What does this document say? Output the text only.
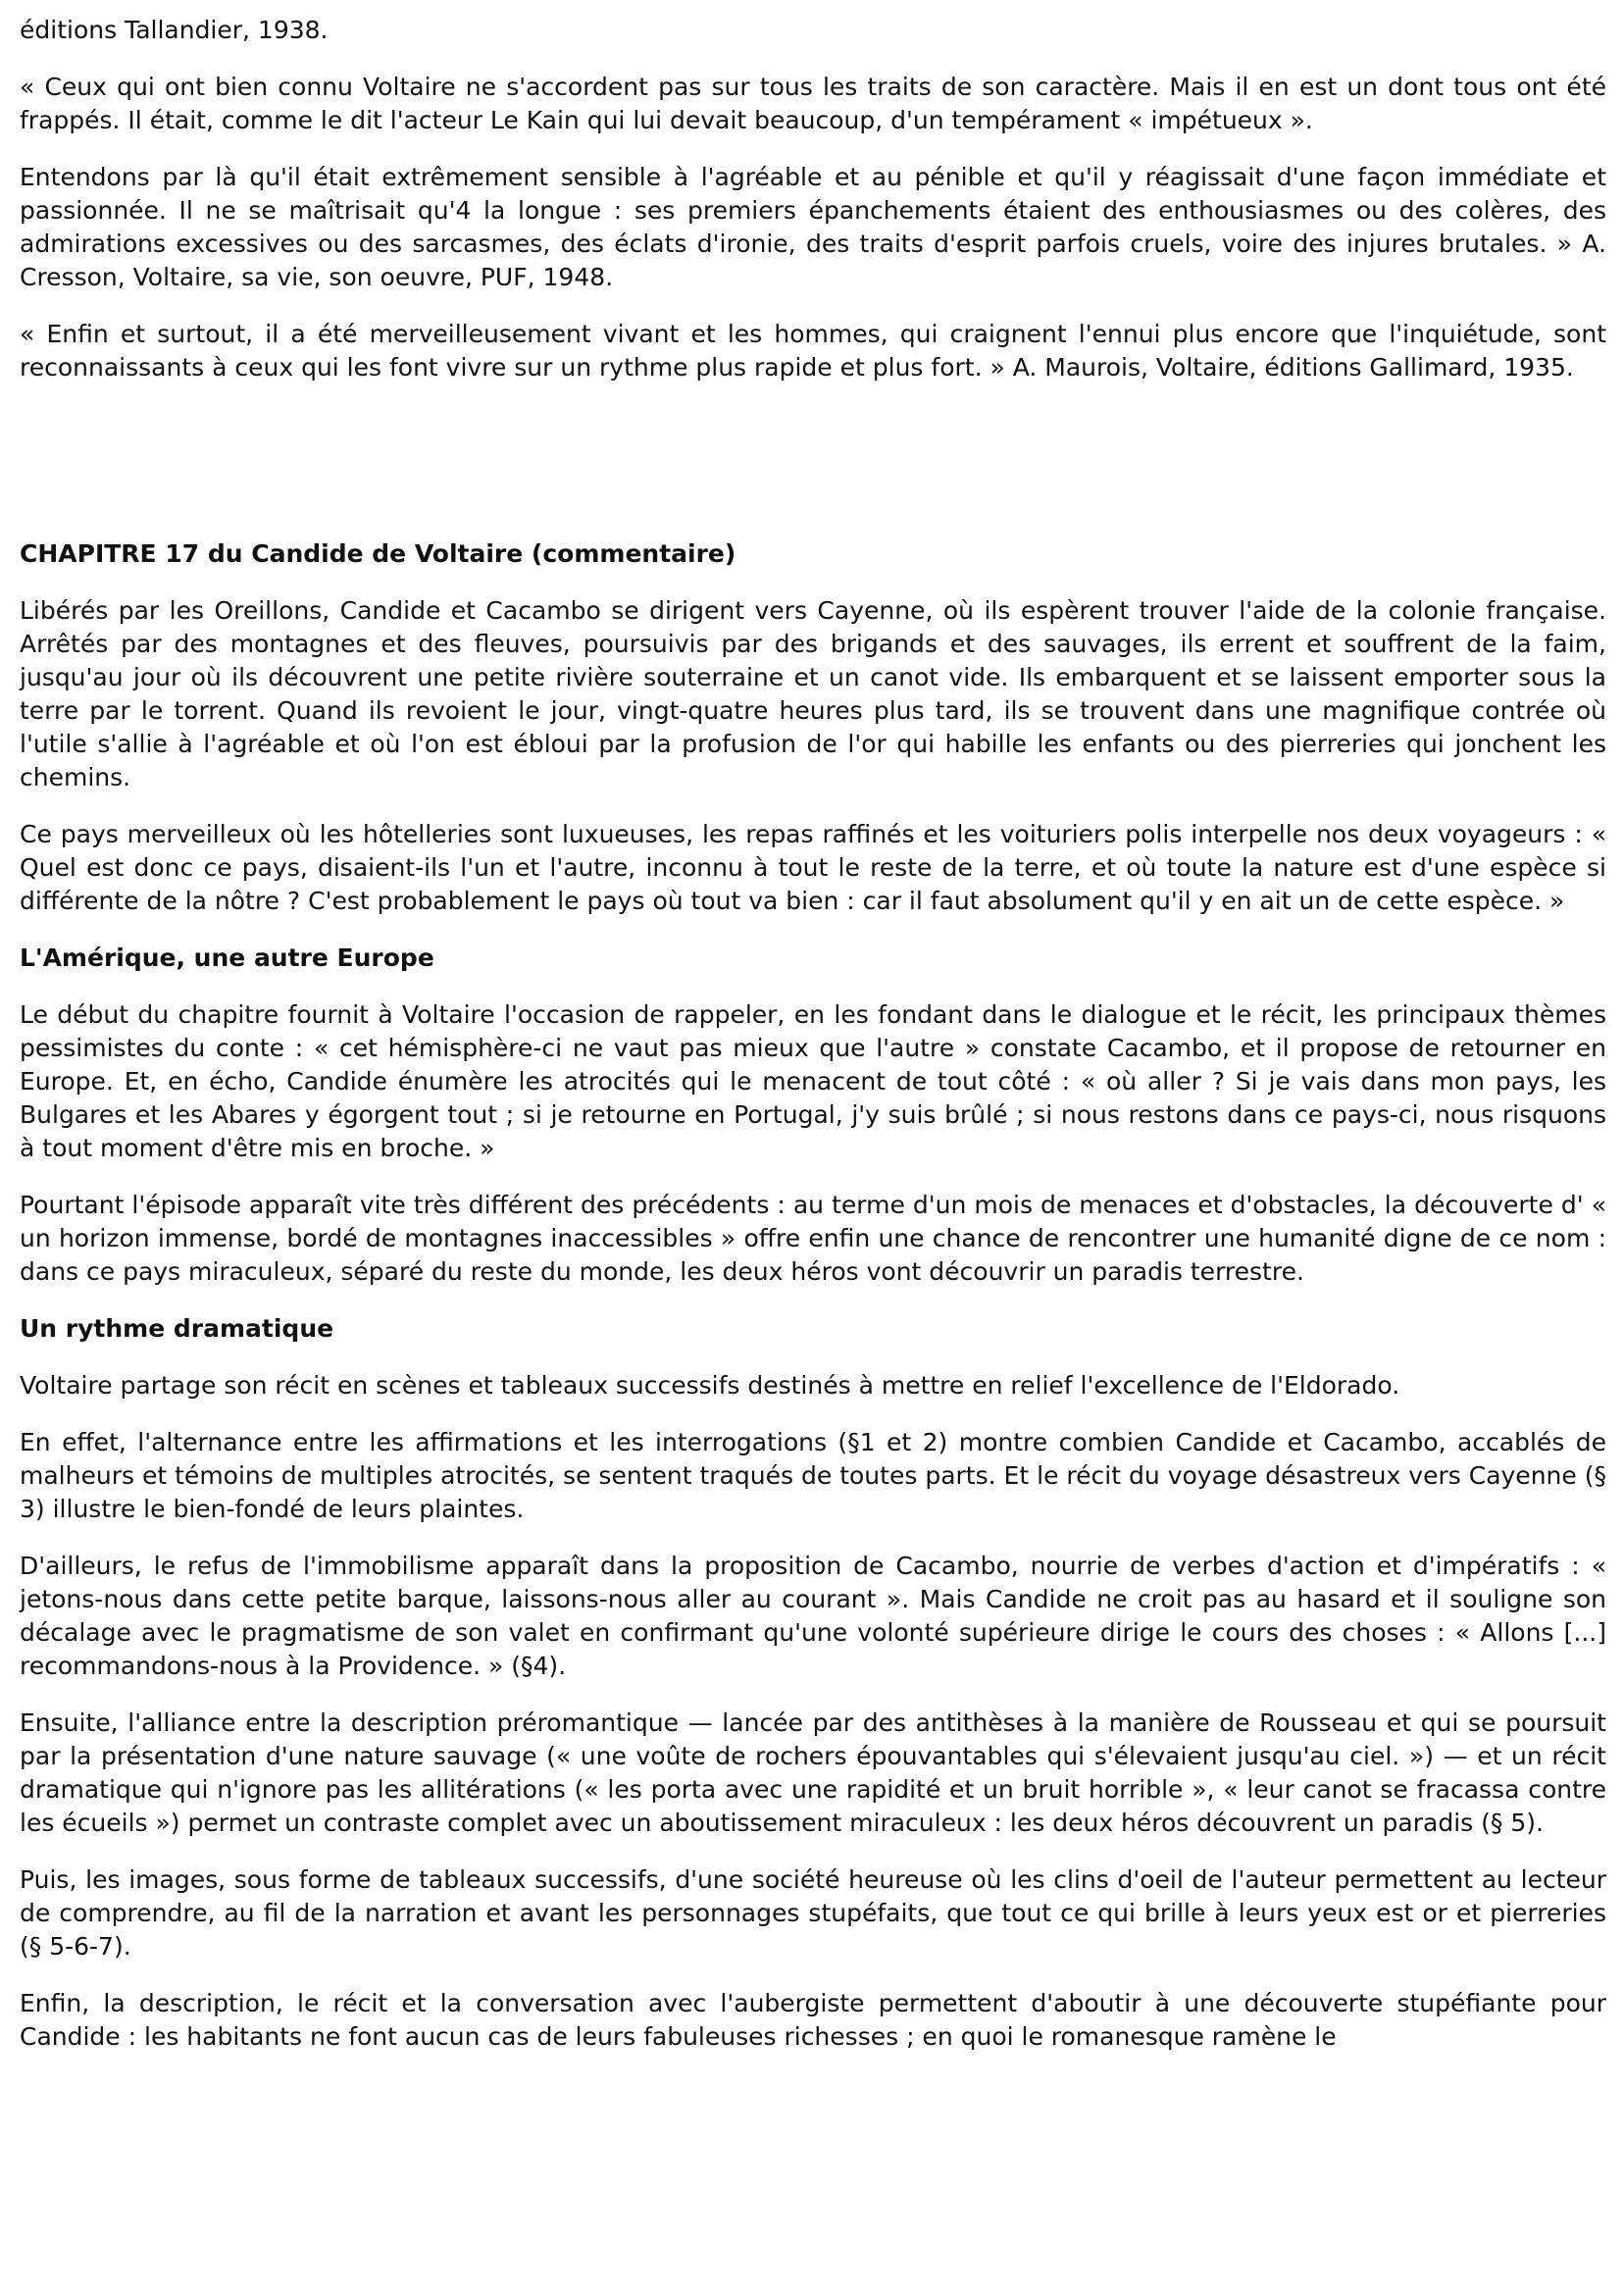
éditions Tallandier, 1938.

« Ceux qui ont bien connu Voltaire ne s'accordent pas sur tous les traits de son caractère. Mais il en est un dont tous ont été frappés. Il était, comme le dit l'acteur Le Kain qui lui devait beaucoup, d'un tempérament « impétueux ».

Entendons par là qu'il était extrêmement sensible à l'agréable et au pénible et qu'il y réagissait d'une façon immédiate et passionnée. Il ne se maîtrisait qu'4 la longue : ses premiers épanchements étaient des enthousiasmes ou des colères, des admirations excessives ou des sarcasmes, des éclats d'ironie, des traits d'esprit parfois cruels, voire des injures brutales. » A. Cresson, Voltaire, sa vie, son oeuvre, PUF, 1948.

« Enfin et surtout, il a été merveilleusement vivant et les hommes, qui craignent l'ennui plus encore que l'inquiétude, sont reconnaissants à ceux qui les font vivre sur un rythme plus rapide et plus fort. » A. Maurois, Voltaire, éditions Gallimard, 1935.

CHAPITRE 17 du Candide de Voltaire (commentaire)

Libérés par les Oreillons, Candide et Cacambo se dirigent vers Cayenne, où ils espèrent trouver l'aide de la colonie française. Arrêtés par des montagnes et des fleuves, poursuivis par des brigands et des sauvages, ils errent et souffrent de la faim, jusqu'au jour où ils découvrent une petite rivière souterraine et un canot vide. Ils embarquent et se laissent emporter sous la terre par le torrent. Quand ils revoient le jour, vingt-quatre heures plus tard, ils se trouvent dans une magnifique contrée où l'utile s'allie à l'agréable et où l'on est ébloui par la profusion de l'or qui habille les enfants ou des pierreries qui jonchent les chemins.

Ce pays merveilleux où les hôtelleries sont luxueuses, les repas raffinés et les voituriers polis interpelle nos deux voyageurs : « Quel est donc ce pays, disaient-ils l'un et l'autre, inconnu à tout le reste de la terre, et où toute la nature est d'une espèce si différente de la nôtre ? C'est probablement le pays où tout va bien : car il faut absolument qu'il y en ait un de cette espèce. »

L'Amérique, une autre Europe

Le début du chapitre fournit à Voltaire l'occasion de rappeler, en les fondant dans le dialogue et le récit, les principaux thèmes pessimistes du conte : « cet hémisphère-ci ne vaut pas mieux que l'autre » constate Cacambo, et il propose de retourner en Europe. Et, en écho, Candide énumère les atrocités qui le menacent de tout côté : « où aller ? Si je vais dans mon pays, les Bulgares et les Abares y égorgent tout ; si je retourne en Portugal, j'y suis brûlé ; si nous restons dans ce pays-ci, nous risquons à tout moment d'être mis en broche. »

Pourtant l'épisode apparaît vite très différent des précédents : au terme d'un mois de menaces et d'obstacles, la découverte d' « un horizon immense, bordé de montagnes inaccessibles » offre enfin une chance de rencontrer une humanité digne de ce nom : dans ce pays miraculeux, séparé du reste du monde, les deux héros vont découvrir un paradis terrestre.

Un rythme dramatique

Voltaire partage son récit en scènes et tableaux successifs destinés à mettre en relief l'excellence de l'Eldorado.

En effet, l'alternance entre les affirmations et les interrogations (§1 et 2) montre combien Candide et Cacambo, accablés de malheurs et témoins de multiples atrocités, se sentent traqués de toutes parts. Et le récit du voyage désastreux vers Cayenne (§ 3) illustre le bien-fondé de leurs plaintes.

D'ailleurs, le refus de l'immobilisme apparaît dans la proposition de Cacambo, nourrie de verbes d'action et d'impératifs : « jetons-nous dans cette petite barque, laissons-nous aller au courant ». Mais Candide ne croit pas au hasard et il souligne son décalage avec le pragmatisme de son valet en confirmant qu'une volonté supérieure dirige le cours des choses : « Allons [...] recommandons-nous à la Providence. » (§4).

Ensuite, l'alliance entre la description préromantique — lancée par des antithèses à la manière de Rousseau et qui se poursuit par la présentation d'une nature sauvage (« une voûte de rochers épouvantables qui s'élevaient jusqu'au ciel. ») — et un récit dramatique qui n'ignore pas les allitérations (« les porta avec une rapidité et un bruit horrible », « leur canot se fracassa contre les écueils ») permet un contraste complet avec un aboutissement miraculeux : les deux héros découvrent un paradis (§ 5).

Puis, les images, sous forme de tableaux successifs, d'une société heureuse où les clins d'oeil de l'auteur permettent au lecteur de comprendre, au fil de la narration et avant les personnages stupéfaits, que tout ce qui brille à leurs yeux est or et pierreries (§ 5-6-7).

Enfin, la description, le récit et la conversation avec l'aubergiste permettent d'aboutir à une découverte stupéfiante pour Candide : les habitants ne font aucun cas de leurs fabuleuses richesses ; en quoi le romanesque ramène le
